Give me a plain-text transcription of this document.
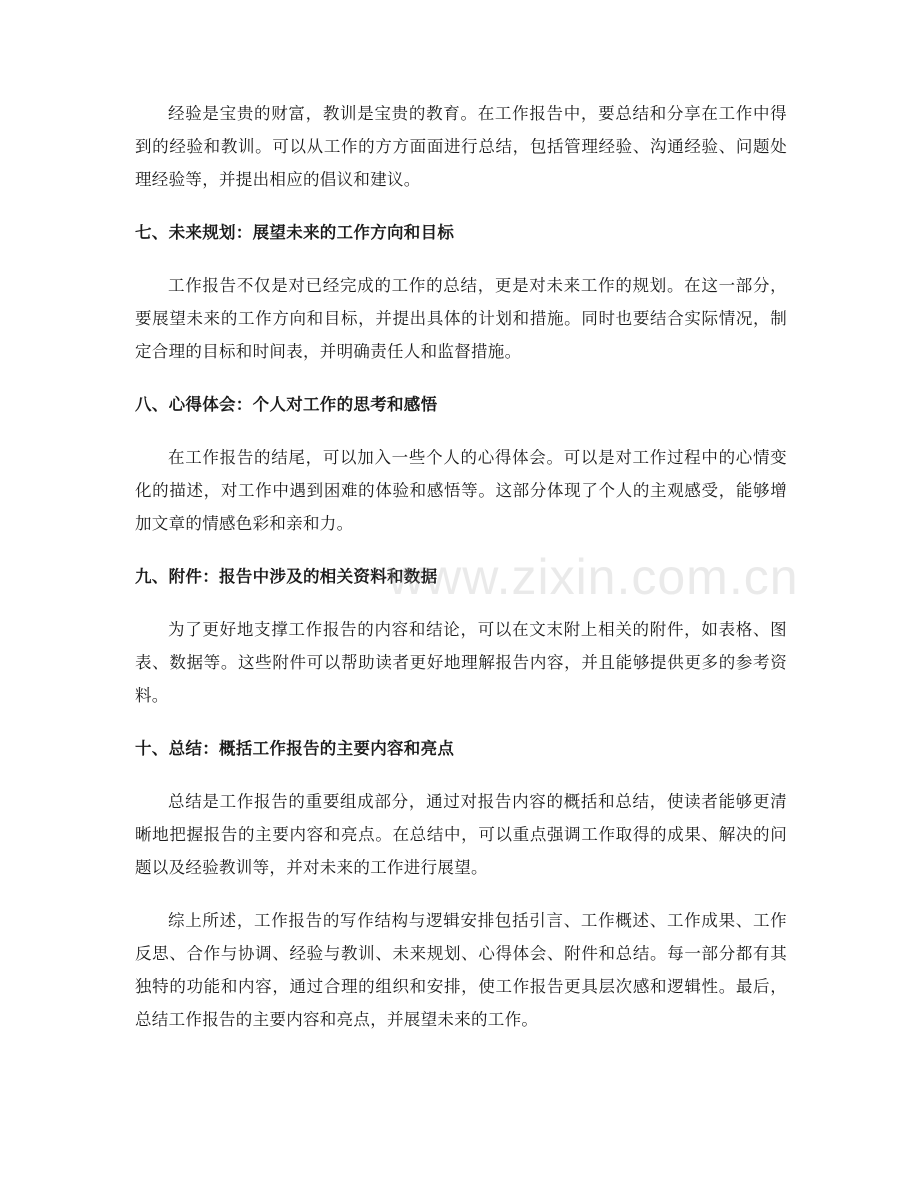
经验是宝贵的财富，教训是宝贵的教育。在工作报告中，要总结和分享在工作中得到的经验和教训。可以从工作的方方面面进行总结，包括管理经验、沟通经验、问题处理经验等，并提出相应的倡议和建议。

七、未来规划：展望未来的工作方向和目标

工作报告不仅是对已经完成的工作的总结，更是对未来工作的规划。在这一部分，要展望未来的工作方向和目标，并提出具体的计划和措施。同时也要结合实际情况，制定合理的目标和时间表，并明确责任人和监督措施。

八、心得体会：个人对工作的思考和感悟

在工作报告的结尾，可以加入一些个人的心得体会。可以是对工作过程中的心情变化的描述，对工作中遇到困难的体验和感悟等。这部分体现了个人的主观感受，能够增加文章的情感色彩和亲和力。

九、附件：报告中涉及的相关资料和数据

为了更好地支撑工作报告的内容和结论，可以在文末附上相关的附件，如表格、图表、数据等。这些附件可以帮助读者更好地理解报告内容，并且能够提供更多的参考资料。

十、总结：概括工作报告的主要内容和亮点

总结是工作报告的重要组成部分，通过对报告内容的概括和总结，使读者能够更清晰地把握报告的主要内容和亮点。在总结中，可以重点强调工作取得的成果、解决的问题以及经验教训等，并对未来的工作进行展望。

综上所述，工作报告的写作结构与逻辑安排包括引言、工作概述、工作成果、工作反思、合作与协调、经验与教训、未来规划、心得体会、附件和总结。每一部分都有其独特的功能和内容，通过合理的组织和安排，使工作报告更具层次感和逻辑性。最后，总结工作报告的主要内容和亮点，并展望未来的工作。

www.zixin.com.cn
